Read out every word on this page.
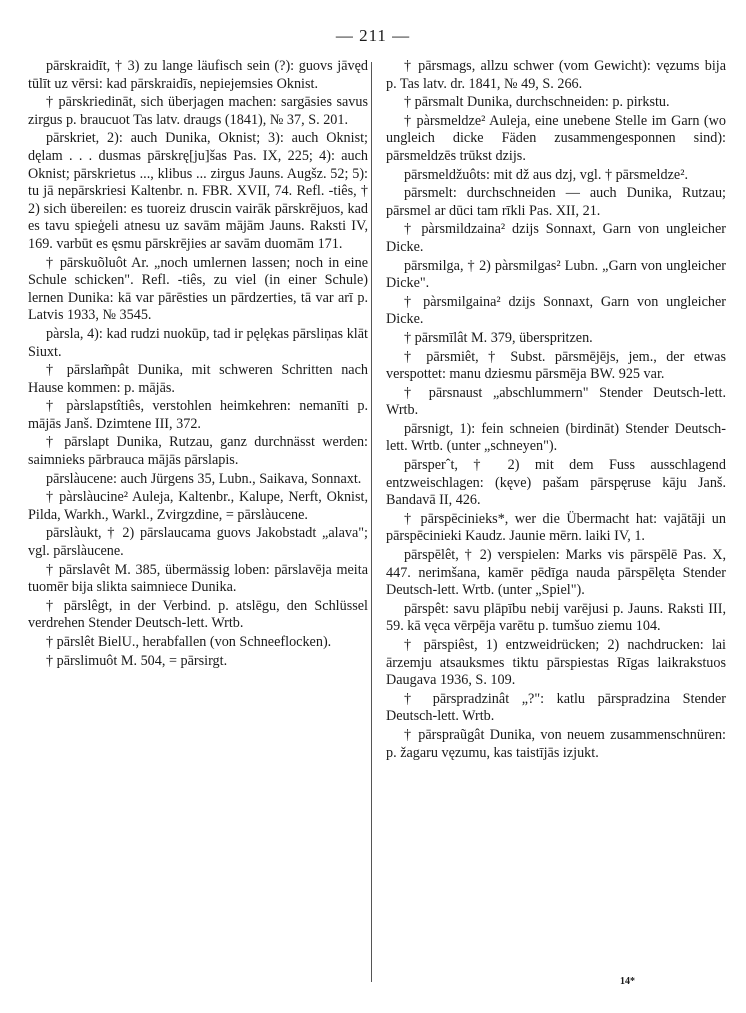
— 211 —

pārskraidīt, † 3) zu lange läufisch sein (?): guovs jāvęd tūlīt uz vērsi: kad pārskraidīs, nepiejemsies Oknist.

† pārskriedināt, sich überjagen machen: sargāsies savus zirgus p. braucuot Tas latv. draugs (1841), № 37, S. 201.

pārskriet, 2): auch Dunika, Oknist; 3): auch Oknist; dęlam . . . dusmas pārskrę[ju]šas Pas. IX, 225; 4): auch Oknist; pārskrietus ..., klibus ... zirgus Jauns. Augšz. 52; 5): tu jā nepārskriesi Kaltenbr. n. FBR. XVII, 74. Refl. -tiês, † 2) sich übereilen: es tuoreiz druscin vairāk pārskrējuos, kad es tavu spieģeli atnesu uz savām mājām Jauns. Raksti IV, 169. varbūt es ęsmu pārskrējies ar savām duomām 171.

† pārskuõluôt Ar. „noch umlernen lassen; noch in eine Schule schicken". Refl. -tiês, zu viel (in einer Schule) lernen Dunika: kā var pārēsties un pārdzerties, tā var arī p. Latvis 1933, № 3545.

pàrsla, 4): kad rudzi nuokūp, tad ir pęlękas pārsliņas klāt Siuxt.

† pārslam̃pât Dunika, mit schweren Schritten nach Hause kommen: p. mājās.

† pàrslapstîtiês, verstohlen heimkehren: nemanīti p. mājās Janš. Dzimtene III, 372.

† pārslapt Dunika, Rutzau, ganz durchnässt werden: saimnieks pārbrauca mājās pārslapis.

pārslàucene: auch Jürgens 35, Lubn., Saikava, Sonnaxt.

† pàrslàucine² Auleja, Kaltenbr., Kalupe, Nerft, Oknist, Pilda, Warkh., Warkl., Zvirgzdine, = pārslàucene.

pārslàukt, † 2) pārslaucama guovs Jakobstadt „alava"; vgl. pārslàucene.

† pārslavêt M. 385, übermässig loben: pārslavēja meita tuomēr bija slikta saimniece Dunika.

† pārslêgt, in der Verbind. p. atslēgu, den Schlüssel verdrehen Stender Deutsch-lett. Wrtb.

† pārslêt BielU., herabfallen (von Schneeflocken).

† pārslimuôt M. 504, = pārsirgt.

† pārsmags, allzu schwer (vom Gewicht): vęzums bija p. Tas latv. dr. 1841, № 49, S. 266.

† pārsmalt Dunika, durchschneiden: p. pirkstu.

† pàrsmeldze² Auleja, eine unebene Stelle im Garn (wo ungleich dicke Fäden zusammengesponnen sind): pārsmeldzēs trūkst dzijs.

pārsmeldžuôts: mit dž aus dzj, vgl. † pārsmeldze².

pārsmelt: durchschneiden — auch Dunika, Rutzau; pārsmel ar dūci tam rīkli Pas. XII, 21.

† pàrsmildzaina² dzijs Sonnaxt, Garn von ungleicher Dicke.

pārsmilga, † 2) pàrsmilgas² Lubn. „Garn von ungleicher Dicke".

† pàrsmilgaina² dzijs Sonnaxt, Garn von ungleicher Dicke.

† pārsmīlât M. 379, überspritzen.

† pārsmiêt, † Subst. pārsmējējs, jem., der etwas verspottet: manu dziesmu pārsmēja BW. 925 var.

† pārsnaust „abschlummern" Stender Deutsch-lett. Wrtb.

pārsnigt, 1): fein schneien (birdināt) Stender Deutsch-lett. Wrtb. (unter „schneyen").

pārsperˆt, † 2) mit dem Fuss ausschlagend entzweischlagen: (kęve) pašam pārspęruse kāju Janš. Bandavā II, 426.

† pārspēcinieks*, wer die Übermacht hat: vajātāji un pārspēcinieki Kaudz. Jaunie mērn. laiki IV, 1.

pārspēlêt, † 2) verspielen: Marks vis pārspēlē Pas. X, 447. nerimšana, kamēr pēdīga nauda pārspēlęta Stender Deutsch-lett. Wrtb. (unter „Spiel").

pārspêt: savu plāpību nebij varējusi p. Jauns. Raksti III, 59. kā vęca vērpēja varētu p. tumšuo ziemu 104.

† pārspiêst, 1) entzweidrücken; 2) nachdrucken: lai ārzemju atsauksmes tiktu pārspiestas Rīgas laikrakstuos Daugava 1936, S. 109.

† pārspradzinât „?": katlu pārspradzina Stender Deutsch-lett. Wrtb.

† pārspraũgât Dunika, von neuem zusammenschnüren: p. žagaru vęzumu, kas taistījās izjukt.

14*
